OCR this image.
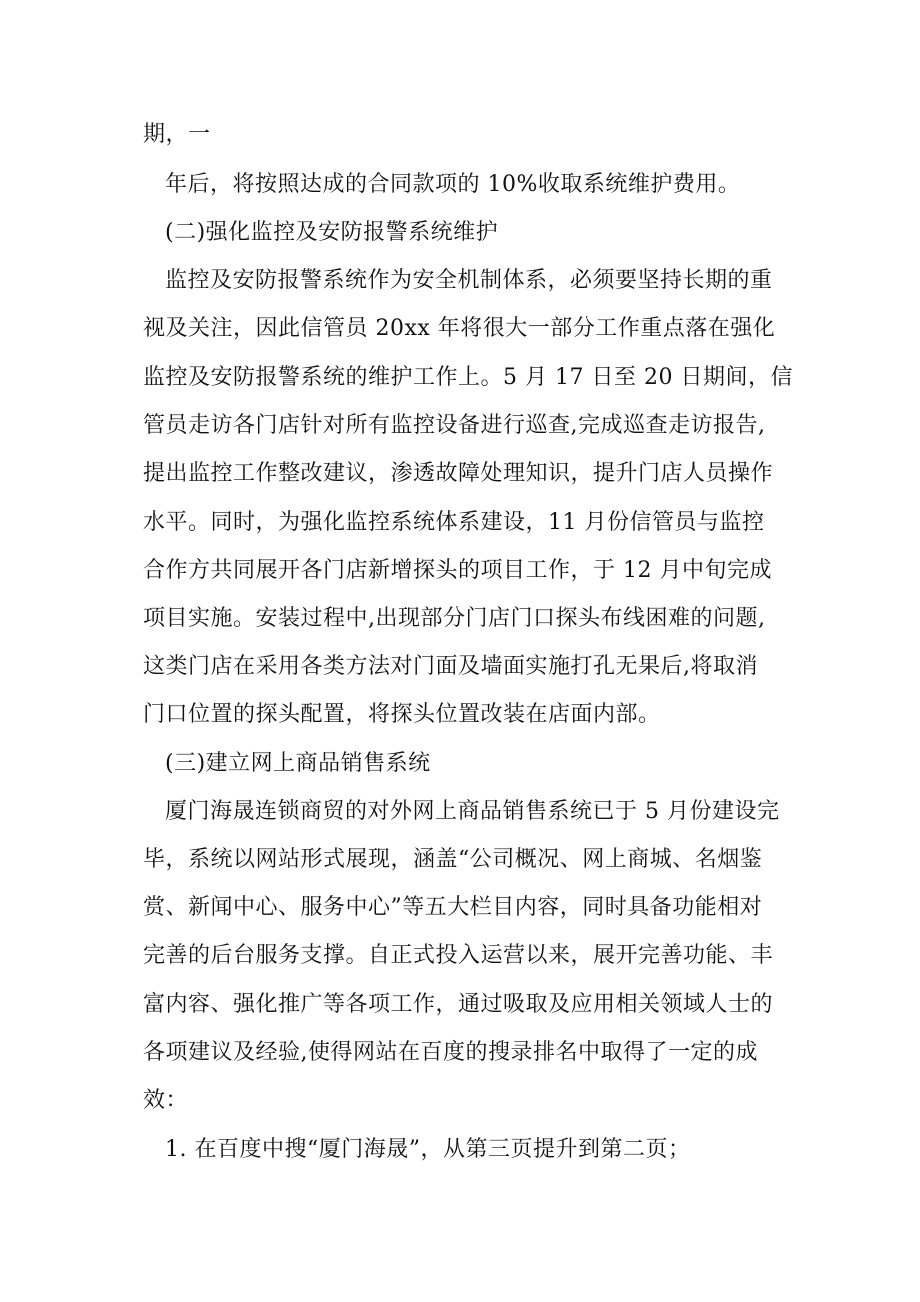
期，一
年后，将按照达成的合同款项的 10%收取系统维护费用。
(二)强化监控及安防报警系统维护
监控及安防报警系统作为安全机制体系，必须要坚持长期的重
视及关注，因此信管员 20xx 年将很大一部分工作重点落在强化
监控及安防报警系统的维护工作上。5 月 17 日至 20 日期间，信
管员走访各门店针对所有监控设备进行巡查,完成巡查走访报告,
提出监控工作整改建议，渗透故障处理知识，提升门店人员操作
水平。同时，为强化监控系统体系建设，11 月份信管员与监控
合作方共同展开各门店新增探头的项目工作，于 12 月中旬完成
项目实施。安装过程中,出现部分门店门口探头布线困难的问题,
这类门店在采用各类方法对门面及墙面实施打孔无果后,将取消
门口位置的探头配置，将探头位置改装在店面内部。
(三)建立网上商品销售系统
厦门海晟连锁商贸的对外网上商品销售系统已于 5 月份建设完
毕，系统以网站形式展现，涵盖“公司概况、网上商城、名烟鉴
赏、新闻中心、服务中心”等五大栏目内容，同时具备功能相对
完善的后台服务支撑。自正式投入运营以来，展开完善功能、丰
富内容、强化推广等各项工作，通过吸取及应用相关领域人士的
各项建议及经验,使得网站在百度的搜录排名中取得了一定的成
效：
1. 在百度中搜“厦门海晟”，从第三页提升到第二页；
